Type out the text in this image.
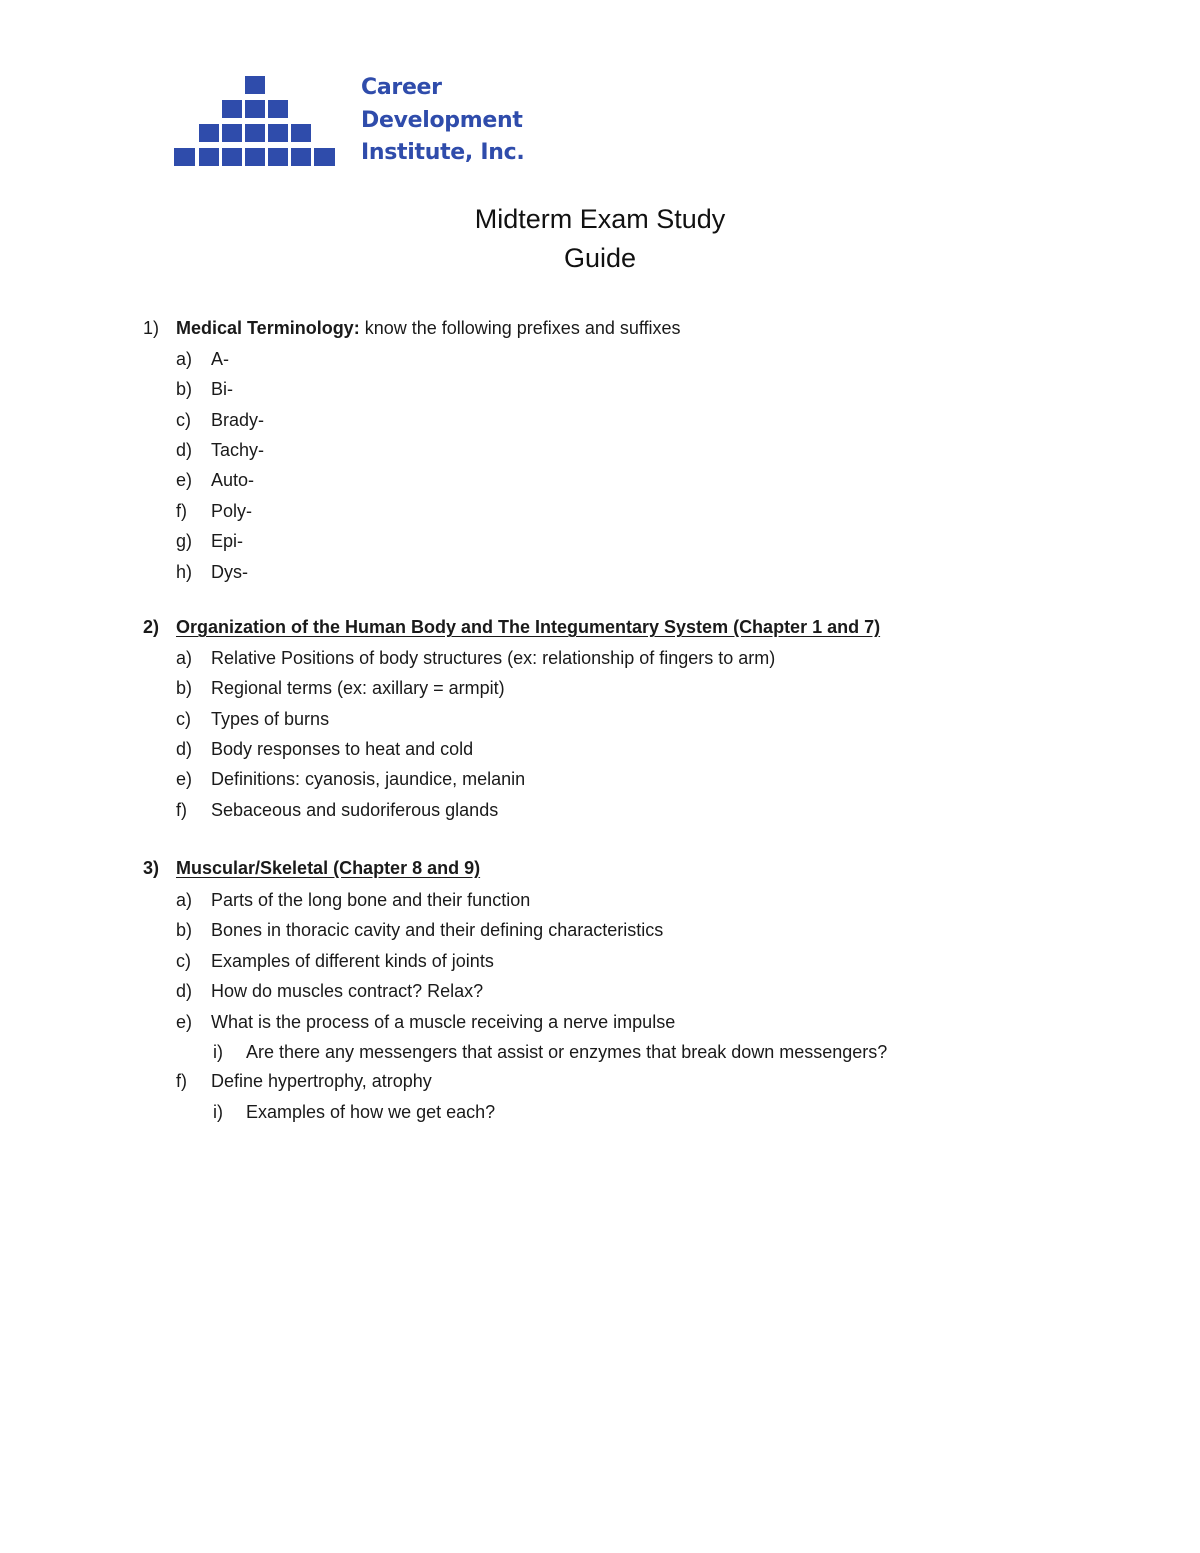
Career
Development
Institute, Inc.
Midterm Exam Study
Guide
1) Medical Terminology: know the following prefixes and suffixes
a) A-
b) Bi-
c) Brady-
d) Tachy-
e) Auto-
f) Poly-
g) Epi-
h) Dys-
2) Organization of the Human Body and The Integumentary System (Chapter 1 and 7)
a) Relative Positions of body structures (ex: relationship of fingers to arm)
b) Regional terms (ex: axillary = armpit)
c) Types of burns
d) Body responses to heat and cold
e) Definitions: cyanosis, jaundice, melanin
f) Sebaceous and sudoriferous glands
3) Muscular/Skeletal (Chapter 8 and 9)
a) Parts of the long bone and their function
b) Bones in thoracic cavity and their defining characteristics
c) Examples of different kinds of joints
d) How do muscles contract? Relax?
e) What is the process of a muscle receiving a nerve impulse
i) Are there any messengers that assist or enzymes that break down messengers?
f) Define hypertrophy, atrophy
i) Examples of how we get each?
